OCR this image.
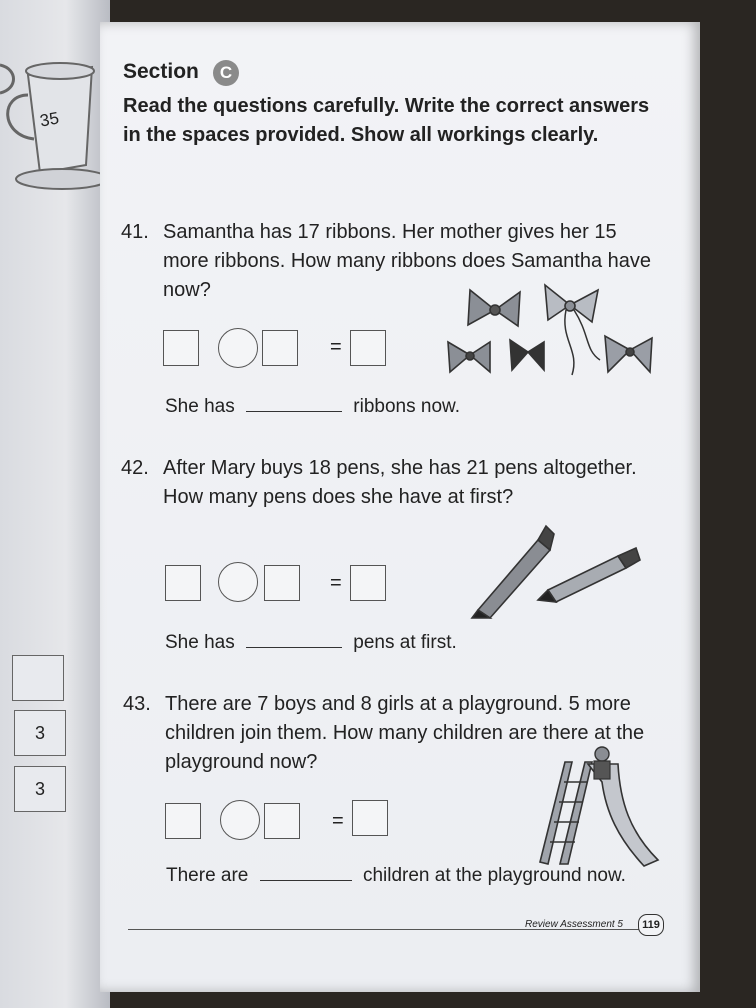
35
3
3
Section	C
Read the questions carefully. Write the correct answers in the spaces provided. Show all workings clearly.
41. Samantha has 17 ribbons. Her mother gives her 15 more ribbons. How many ribbons does Samantha have now?
=
She has	ribbons now.
42. After Mary buys 18 pens, she has 21 pens altogether. How many pens does she have at first?
=
She has	pens at first.
43. There are 7 boys and 8 girls at a playground. 5 more children join them. How many children are there at the playground now?
=
There are	children at the playground now.
Review Assessment 5	119
